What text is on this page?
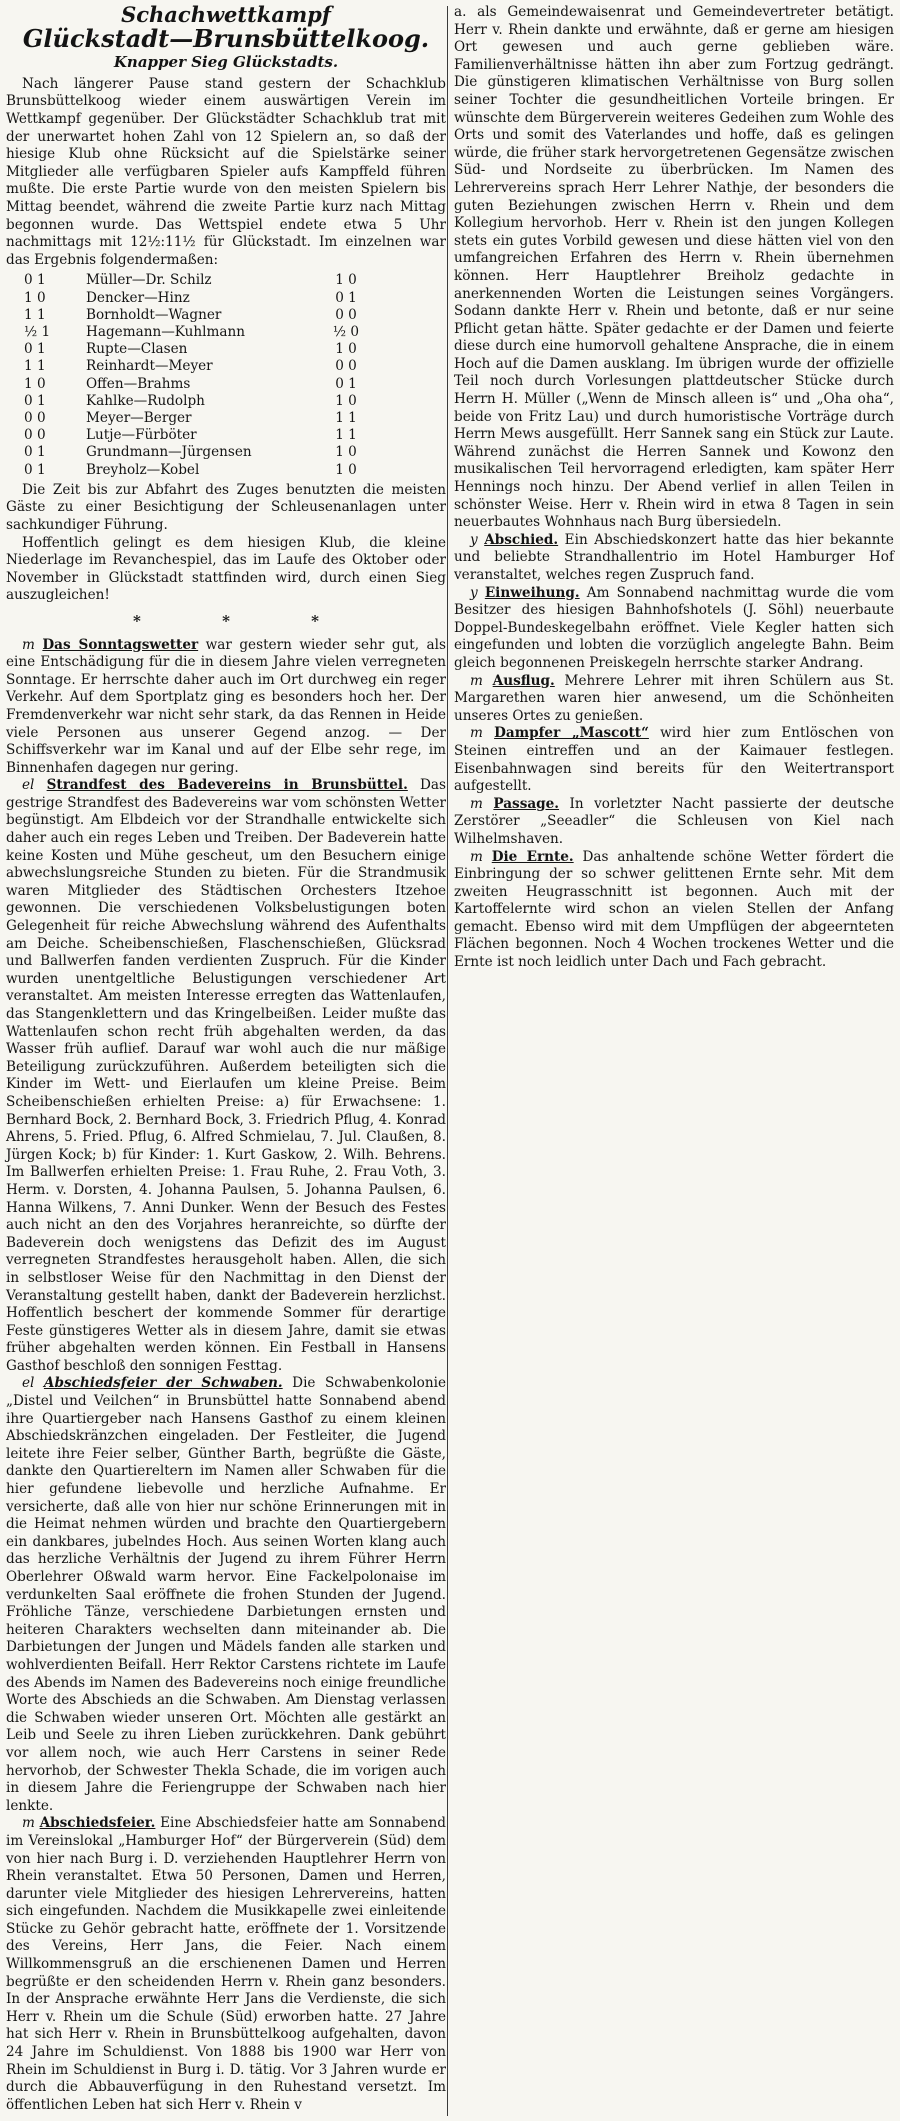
Schachwettkampf
Glückstadt—Brunsbüttelkoog.
Knapper Sieg Glückstadts.

Nach längerer Pause stand gestern der Schachklub Brunsbüttelkoog wieder einem auswärtigen Verein im Wettkampf gegenüber. Der Glückstädter Schachklub trat mit der unerwartet hohen Zahl von 12 Spielern an, so daß der hiesige Klub ohne Rücksicht auf die Spielstärke seiner Mitglieder alle verfügbaren Spieler aufs Kampffeld führen mußte. Die erste Partie wurde von den meisten Spielern bis Mittag beendet, während die zweite Partie kurz nach Mittag begonnen wurde. Das Wettspiel endete etwa 5 Uhr nachmittags mit 12½:11½ für Glückstadt. Im einzelnen war das Ergebnis folgendermaßen:

0 1	Müller—Dr. Schilz	1 0
1 0	Dencker—Hinz	0 1
1 1	Bornholdt—Wagner	0 0
½ 1	Hagemann—Kuhlmann	½ 0
0 1	Rupte—Clasen	1 0
1 1	Reinhardt—Meyer	0 0
1 0	Offen—Brahms	0 1
0 1	Kahlke—Rudolph	1 0
0 0	Meyer—Berger	1 1
0 0	Lutje—Fürböter	1 1
0 1	Grundmann—Jürgensen	1 0
0 1	Breyholz—Kobel	1 0

Die Zeit bis zur Abfahrt des Zuges benutzten die meisten Gäste zu einer Besichtigung der Schleusenanlagen unter sachkundiger Führung.

Hoffentlich gelingt es dem hiesigen Klub, die kleine Niederlage im Revanchespiel, das im Laufe des Oktober oder November in Glückstadt stattfinden wird, durch einen Sieg auszugleichen!

* * *

m Das Sonntagswetter war gestern wieder sehr gut, als eine Entschädigung für die in diesem Jahre vielen verregneten Sonntage. Er herrschte daher auch im Ort durchweg ein reger Verkehr. Auf dem Sportplatz ging es besonders hoch her. Der Fremdenverkehr war nicht sehr stark, da das Rennen in Heide viele Personen aus unserer Gegend anzog. — Der Schiffsverkehr war im Kanal und auf der Elbe sehr rege, im Binnenhafen dagegen nur gering.

el Strandfest des Badevereins in Brunsbüttel. Das gestrige Strandfest des Badevereins war vom schönsten Wetter begünstigt. Am Elbdeich vor der Strandhalle entwickelte sich daher auch ein reges Leben und Treiben. Der Badeverein hatte keine Kosten und Mühe gescheut, um den Besuchern einige abwechslungsreiche Stunden zu bieten. Für die Strandmusik waren Mitglieder des Städtischen Orchesters Itzehoe gewonnen. Die verschiedenen Volksbelustigungen boten Gelegenheit für reiche Abwechslung während des Aufenthalts am Deiche. Scheibenschießen, Flaschenschießen, Glücksrad und Ballwerfen fanden verdienten Zuspruch. Für die Kinder wurden unentgeltliche Belustigungen verschiedener Art veranstaltet. Am meisten Interesse erregten das Wattenlaufen, das Stangenklettern und das Kringelbeißen. Leider mußte das Wattenlaufen schon recht früh abgehalten werden, da das Wasser früh auflief. Darauf war wohl auch die nur mäßige Beteiligung zurückzuführen. Außerdem beteiligten sich die Kinder im Wett- und Eierlaufen um kleine Preise. Beim Scheibenschießen erhielten Preise: a) für Erwachsene: 1. Bernhard Bock, 2. Bernhard Bock, 3. Friedrich Pflug, 4. Konrad Ahrens, 5. Fried. Pflug, 6. Alfred Schmielau, 7. Jul. Claußen, 8. Jürgen Kock; b) für Kinder: 1. Kurt Gaskow, 2. Wilh. Behrens. Im Ballwerfen erhielten Preise: 1. Frau Ruhe, 2. Frau Voth, 3. Herm. v. Dorsten, 4. Johanna Paulsen, 5. Johanna Paulsen, 6. Hanna Wilkens, 7. Anni Dunker. Wenn der Besuch des Festes auch nicht an den des Vorjahres heranreichte, so dürfte der Badeverein doch wenigstens das Defizit des im August verregneten Strandfestes herausgeholt haben. Allen, die sich in selbstloser Weise für den Nachmittag in den Dienst der Veranstaltung gestellt haben, dankt der Badeverein herzlichst. Hoffentlich beschert der kommende Sommer für derartige Feste günstigeres Wetter als in diesem Jahre, damit sie etwas früher abgehalten werden können. Ein Festball in Hansens Gasthof beschloß den sonnigen Festtag.

el Abschiedsfeier der Schwaben. Die Schwabenkolonie „Distel und Veilchen“ in Brunsbüttel hatte Sonnabend abend ihre Quartiergeber nach Hansens Gasthof zu einem kleinen Abschiedskränzchen eingeladen. Der Festleiter, die Jugend leitete ihre Feier selber, Günther Barth, begrüßte die Gäste, dankte den Quartiereltern im Namen aller Schwaben für die hier gefundene liebevolle und herzliche Aufnahme. Er versicherte, daß alle von hier nur schöne Erinnerungen mit in die Heimat nehmen würden und brachte den Quartiergebern ein dankbares, jubelndes Hoch. Aus seinen Worten klang auch das herzliche Verhältnis der Jugend zu ihrem Führer Herrn Oberlehrer Oßwald warm hervor. Eine Fackelpolonaise im verdunkelten Saal eröffnete die frohen Stunden der Jugend. Fröhliche Tänze, verschiedene Darbietungen ernsten und heiteren Charakters wechselten dann miteinander ab. Die Darbietungen der Jungen und Mädels fanden alle starken und wohlverdienten Beifall. Herr Rektor Carstens richtete im Laufe des Abends im Namen des Badevereins noch einige freundliche Worte des Abschieds an die Schwaben. Am Dienstag verlassen die Schwaben wieder unseren Ort. Möchten alle gestärkt an Leib und Seele zu ihren Lieben zurückkehren. Dank gebührt vor allem noch, wie auch Herr Carstens in seiner Rede hervorhob, der Schwester Thekla Schade, die im vorigen auch in diesem Jahre die Feriengruppe der Schwaben nach hier lenkte.

m Abschiedsfeier. Eine Abschiedsfeier hatte am Sonnabend im Vereinslokal „Hamburger Hof“ der Bürgerverein (Süd) dem von hier nach Burg i. D. verziehenden Hauptlehrer Herrn von Rhein veranstaltet. Etwa 50 Personen, Damen und Herren, darunter viele Mitglieder des hiesigen Lehrervereins, hatten sich eingefunden. Nachdem die Musikkapelle zwei einleitende Stücke zu Gehör gebracht hatte, eröffnete der 1. Vorsitzende des Vereins, Herr Jans, die Feier. Nach einem Willkommensgruß an die erschienenen Damen und Herren begrüßte er den scheidenden Herrn v. Rhein ganz besonders. In der Ansprache erwähnte Herr Jans die Verdienste, die sich Herr v. Rhein um die Schule (Süd) erworben hatte. 27 Jahre hat sich Herr v. Rhein in Brunsbüttelkoog aufgehalten, davon 24 Jahre im Schuldienst. Von 1888 bis 1900 war Herr von Rhein im Schuldienst in Burg i. D. tätig. Vor 3 Jahren wurde er durch die Abbauverfügung in den Ruhestand versetzt. Im öffentlichen Leben hat sich Herr v. Rhein v

a. als Gemeindewaisenrat und Gemeindevertreter betätigt. Herr v. Rhein dankte und erwähnte, daß er gerne am hiesigen Ort gewesen und auch gerne geblieben wäre. Familienverhältnisse hätten ihn aber zum Fortzug gedrängt. Die günstigeren klimatischen Verhältnisse von Burg sollen seiner Tochter die gesundheitlichen Vorteile bringen. Er wünschte dem Bürgerverein weiteres Gedeihen zum Wohle des Orts und somit des Vaterlandes und hoffe, daß es gelingen würde, die früher stark hervorgetretenen Gegensätze zwischen Süd- und Nordseite zu überbrücken. Im Namen des Lehrervereins sprach Herr Lehrer Nathje, der besonders die guten Beziehungen zwischen Herrn v. Rhein und dem Kollegium hervorhob. Herr v. Rhein ist den jungen Kollegen stets ein gutes Vorbild gewesen und diese hätten viel von den umfangreichen Erfahren des Herrn v. Rhein übernehmen können. Herr Hauptlehrer Breiholz gedachte in anerkennenden Worten die Leistungen seines Vorgängers. Sodann dankte Herr v. Rhein und betonte, daß er nur seine Pflicht getan hätte. Später gedachte er der Damen und feierte diese durch eine humorvoll gehaltene Ansprache, die in einem Hoch auf die Damen ausklang. Im übrigen wurde der offizielle Teil noch durch Vorlesungen plattdeutscher Stücke durch Herrn H. Müller („Wenn de Minsch alleen is“ und „Oha oha“, beide von Fritz Lau) und durch humoristische Vorträge durch Herrn Mews ausgefüllt. Herr Sannek sang ein Stück zur Laute. Während zunächst die Herren Sannek und Kowonz den musikalischen Teil hervorragend erledigten, kam später Herr Hennings noch hinzu. Der Abend verlief in allen Teilen in schönster Weise. Herr v. Rhein wird in etwa 8 Tagen in sein neuerbautes Wohnhaus nach Burg übersiedeln.

y Abschied. Ein Abschiedskonzert hatte das hier bekannte und beliebte Strandhallentrio im Hotel Hamburger Hof veranstaltet, welches regen Zuspruch fand.

y Einweihung. Am Sonnabend nachmittag wurde die vom Besitzer des hiesigen Bahnhofshotels (J. Söhl) neuerbaute Doppel-Bundeskegelbahn eröffnet. Viele Kegler hatten sich eingefunden und lobten die vorzüglich angelegte Bahn. Beim gleich begonnenen Preiskegeln herrschte starker Andrang.

m Ausflug. Mehrere Lehrer mit ihren Schülern aus St. Margarethen waren hier anwesend, um die Schönheiten unseres Ortes zu genießen.

m Dampfer „Mascott“ wird hier zum Entlöschen von Steinen eintreffen und an der Kaimauer festlegen. Eisenbahnwagen sind bereits für den Weitertransport aufgestellt.

m Passage. In vorletzter Nacht passierte der deutsche Zerstörer „Seeadler“ die Schleusen von Kiel nach Wilhelmshaven.

m Die Ernte. Das anhaltende schöne Wetter fördert die Einbringung der so schwer gelittenen Ernte sehr. Mit dem zweiten Heugrasschnitt ist begonnen. Auch mit der Kartoffelernte wird schon an vielen Stellen der Anfang gemacht. Ebenso wird mit dem Umpflügen der abgeernteten Flächen begonnen. Noch 4 Wochen trockenes Wetter und die Ernte ist noch leidlich unter Dach und Fach gebracht.
